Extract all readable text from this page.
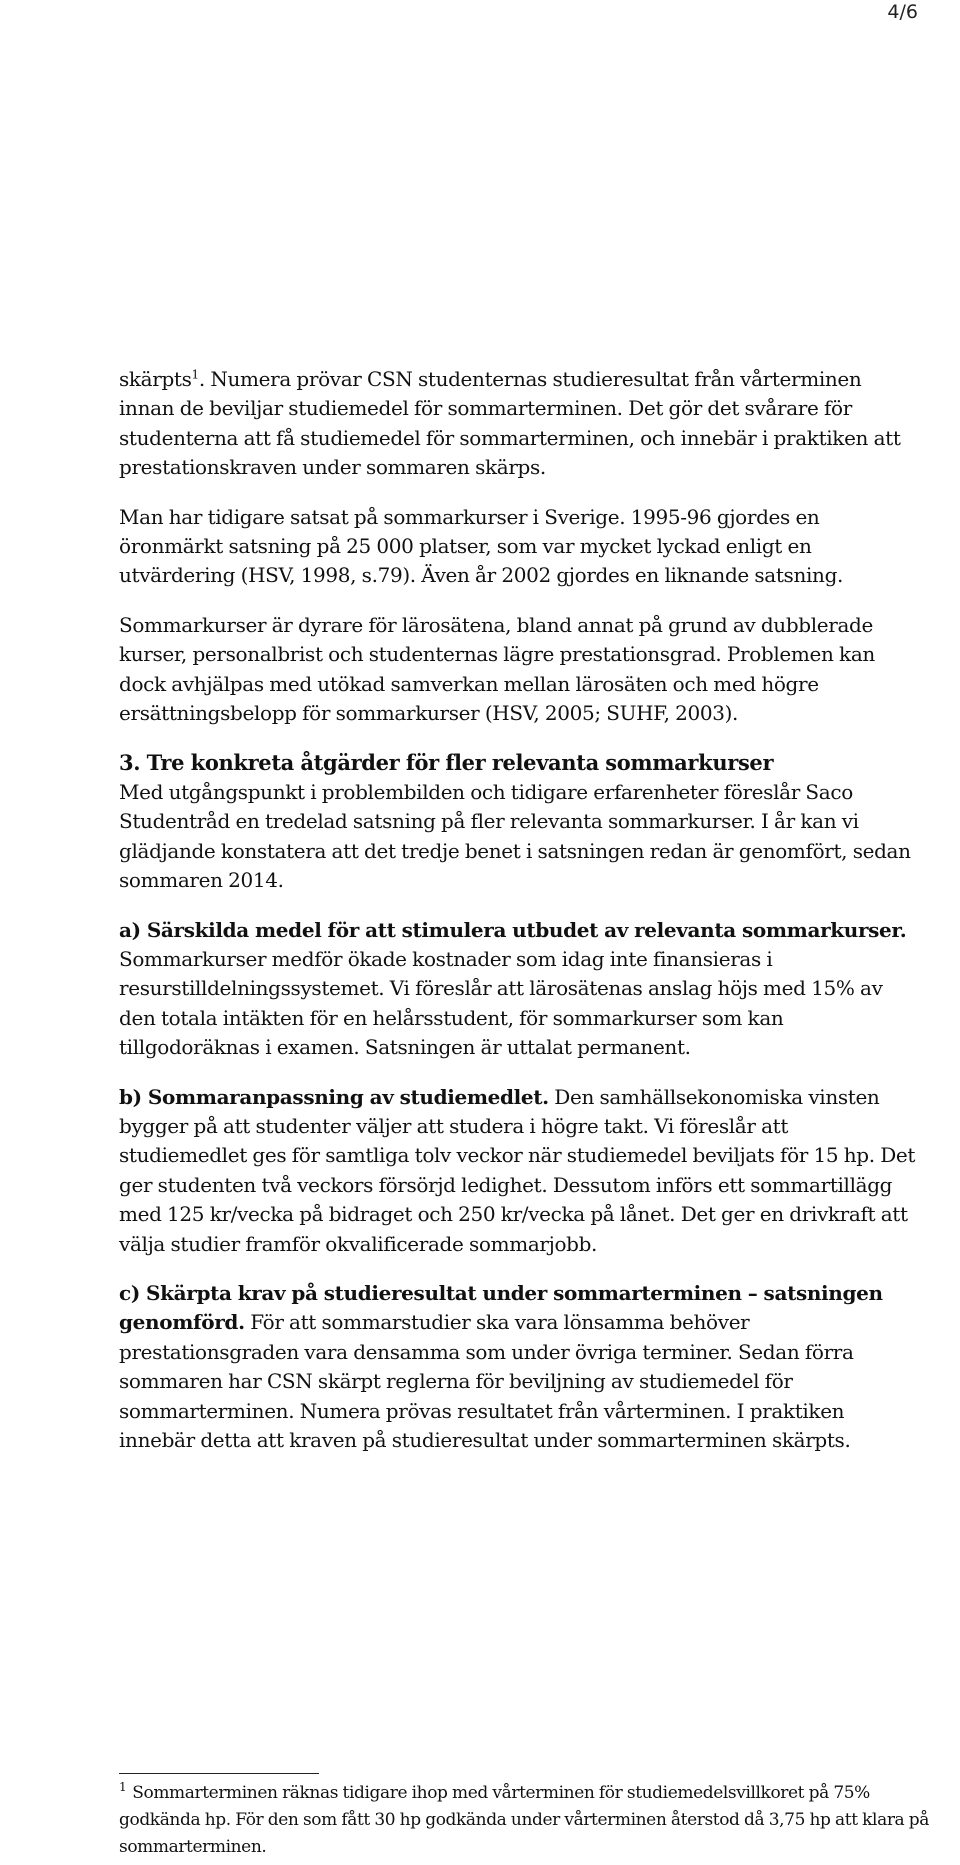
4/6

skärpts$^1$. Numera prövar CSN studenternas studieresultat från vårterminen innan de beviljar studiemedel för sommarterminen. Det gör det svårare för studenterna att få studiemedel för sommarterminen, och innebär i praktiken att prestationskraven under sommaren skärps.

Man har tidigare satsat på sommarkurser i Sverige. 1995-96 gjordes en öronmärkt satsning på 25 000 platser, som var mycket lyckad enligt en utvärdering (HSV, 1998, s.79). Även år 2002 gjordes en liknande satsning.

Sommarkurser är dyrare för lärosätena, bland annat på grund av dubblerade kurser, personalbrist och studenternas lägre prestationsgrad. Problemen kan dock avhjälpas med utökad samverkan mellan lärosäten och med högre ersättningsbelopp för sommarkurser (HSV, 2005; SUHF, 2003).

3. Tre konkreta åtgärder för fler relevanta sommarkurser

Med utgångspunkt i problembilden och tidigare erfarenheter föreslår Saco Studentråd en tredelad satsning på fler relevanta sommarkurser. I år kan vi glädjande konstatera att det tredje benet i satsningen redan är genomfört, sedan sommaren 2014.

a) Särskilda medel för att stimulera utbudet av relevanta sommarkurser. Sommarkurser medför ökade kostnader som idag inte finansieras i resurstilldelningssystemet. Vi föreslår att lärosätenas anslag höjs med 15% av den totala intäkten för en helårsstudent, för sommarkurser som kan tillgodoräknas i examen. Satsningen är uttalat permanent.

b) Sommaranpassning av studiemedlet. Den samhällsekonomiska vinsten bygger på att studenter väljer att studera i högre takt. Vi föreslår att studiemedlet ges för samtliga tolv veckor när studiemedel beviljats för 15 hp. Det ger studenten två veckors försörjd ledighet. Dessutom införs ett sommartillägg med 125 kr/vecka på bidraget och 250 kr/vecka på lånet. Det ger en drivkraft att välja studier framför okvalificerade sommarjobb.

c) Skärpta krav på studieresultat under sommarterminen – satsningen genomförd. För att sommarstudier ska vara lönsamma behöver prestationsgraden vara densamma som under övriga terminer. Sedan förra sommaren har CSN skärpt reglerna för beviljning av studiemedel för sommarterminen. Numera prövas resultatet från vårterminen. I praktiken innebär detta att kraven på studieresultat under sommarterminen skärpts.

$^1$ Sommarterminen räknas tidigare ihop med vårterminen för studiemedelsvillkoret på 75% godkända hp. För den som fått 30 hp godkända under vårterminen återstod då 3,75 hp att klara på sommarterminen.
